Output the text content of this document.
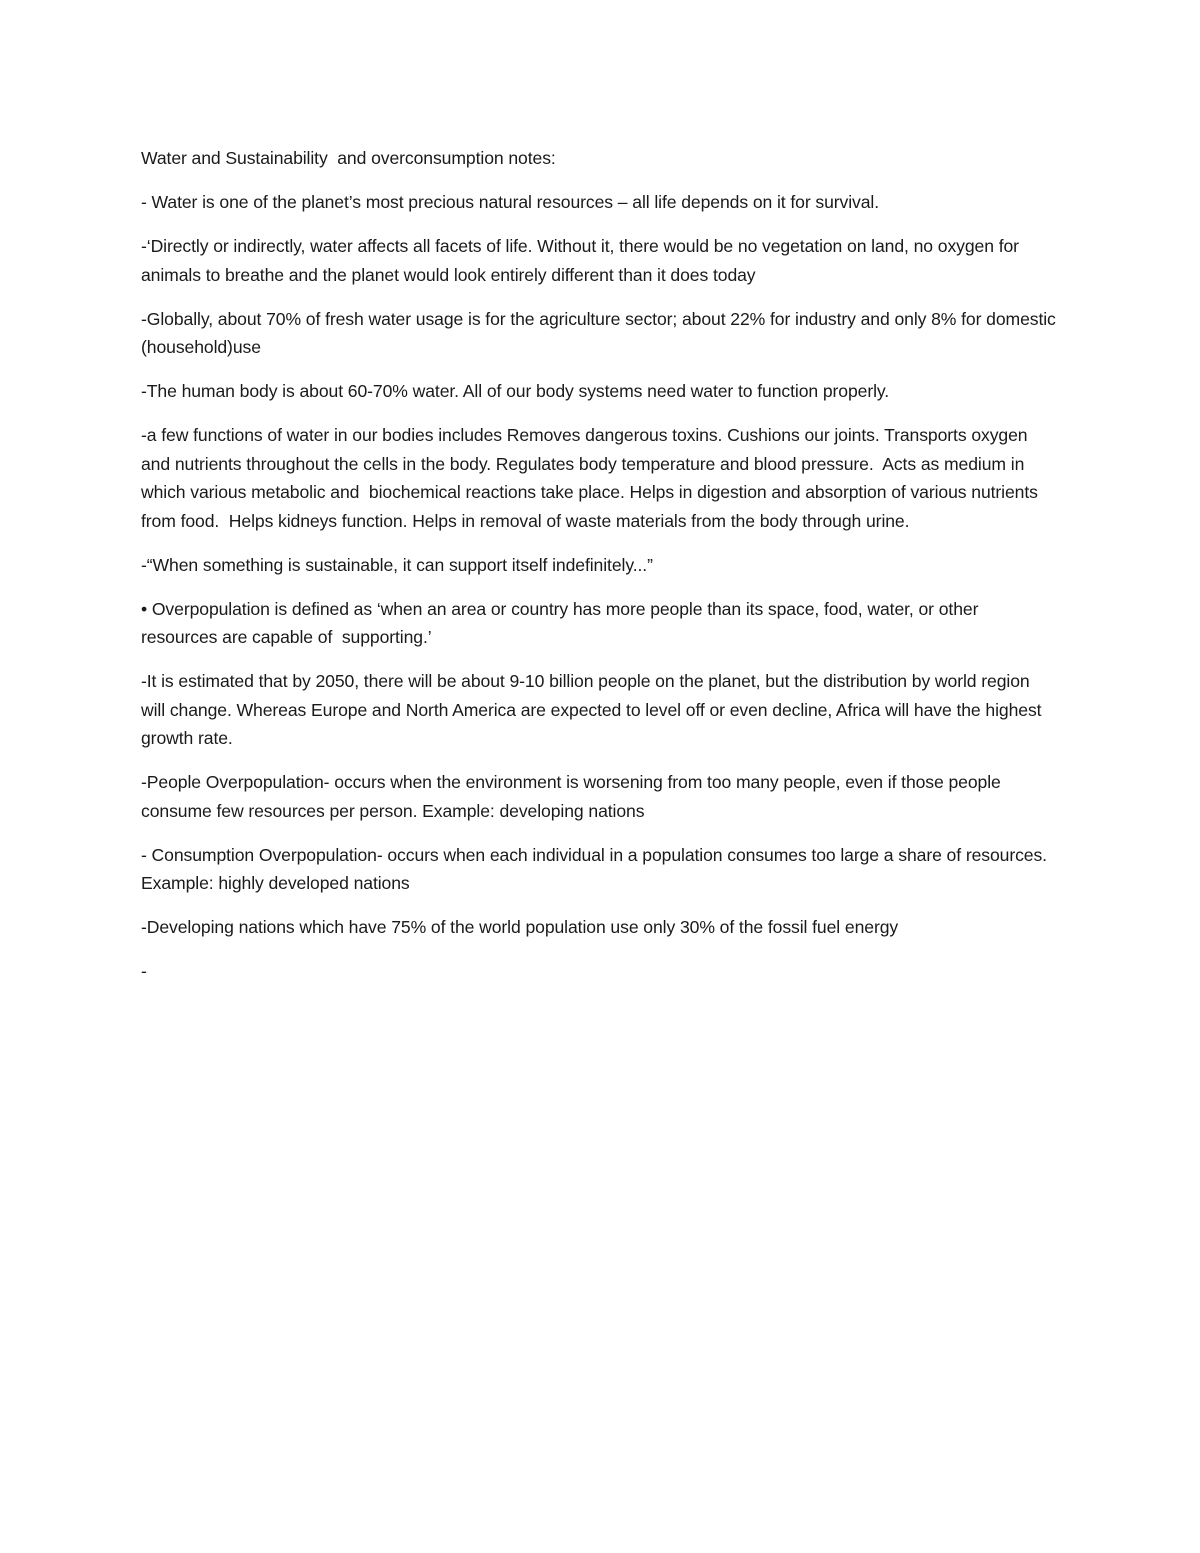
Water and Sustainability  and overconsumption notes:

- Water is one of the planet’s most precious natural resources – all life depends on it for survival.

-‘Directly or indirectly, water affects all facets of life. Without it, there would be no vegetation on land, no oxygen for animals to breathe and the planet would look entirely different than it does today

-Globally, about 70% of fresh water usage is for the agriculture sector; about 22% for industry and only 8% for domestic (household)use

-The human body is about 60-70% water. All of our body systems need water to function properly.

-a few functions of water in our bodies includes Removes dangerous toxins. Cushions our joints. Transports oxygen and nutrients throughout the cells in the body. Regulates body temperature and blood pressure.  Acts as medium in which various metabolic and  biochemical reactions take place. Helps in digestion and absorption of various nutrients from food.  Helps kidneys function. Helps in removal of waste materials from the body through urine.

-“When something is sustainable, it can support itself indefinitely...”

• Overpopulation is defined as ‘when an area or country has more people than its space, food, water, or other resources are capable of  supporting.’

-It is estimated that by 2050, there will be about 9-10 billion people on the planet, but the distribution by world region will change. Whereas Europe and North America are expected to level off or even decline, Africa will have the highest growth rate.

-People Overpopulation- occurs when the environment is worsening from too many people, even if those people consume few resources per person. Example: developing nations

- Consumption Overpopulation- occurs when each individual in a population consumes too large a share of resources. Example: highly developed nations

-Developing nations which have 75% of the world population use only 30% of the fossil fuel energy

-
